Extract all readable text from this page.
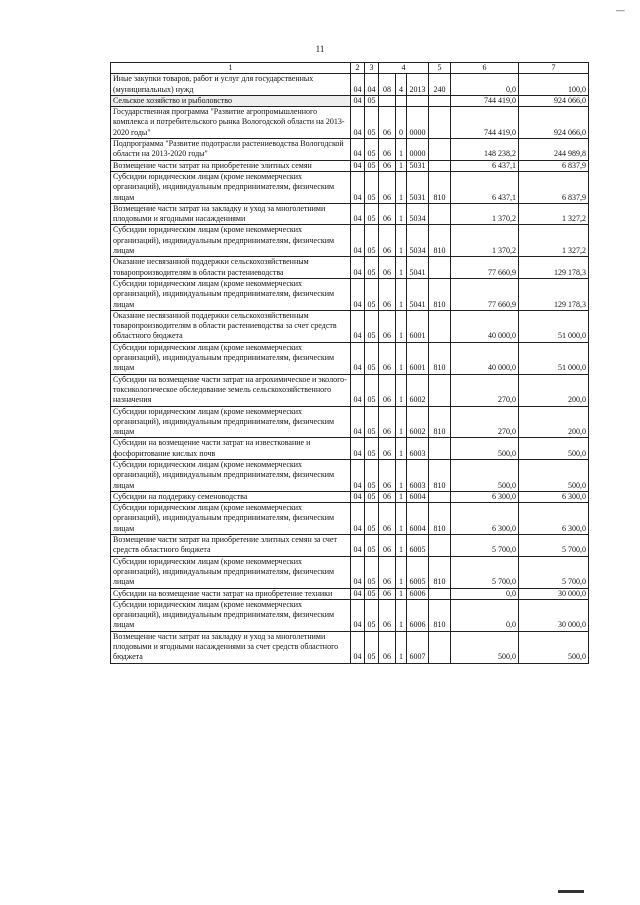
-----
11
1	2	3	4			5	6	7
Иные закупки товаров, работ и услуг для государственных (муниципальных) нужд	04	04	08	4	2013	240	0,0	100,0
Сельское хозяйство и рыболовство	04	05					744 419,0	924 066,0
Государственная программа "Развитие агропромышленного комплекса и потребительского рынка Вологодской области на 2013-2020 годы"	04	05	06	0	0000		744 419,0	924 066,0
Подпрограмма "Развитие подотрасли растениеводства Вологодской области на 2013-2020 годы"	04	05	06	1	0000		148 238,2	244 989,8
Возмещение части затрат на приобретение элитных семян	04	05	06	1	5031		6 437,1	6 837,9
Субсидии юридическим лицам (кроме некоммерческих организаций), индивидуальным предпринимателям, физическим лицам	04	05	06	1	5031	810	6 437,1	6 837,9
Возмещение части затрат на закладку и уход за многолетними плодовыми и ягодными насаждениями	04	05	06	1	5034		1 370,2	1 327,2
Субсидии юридическим лицам (кроме некоммерческих организаций), индивидуальным предпринимателям, физическим лицам	04	05	06	1	5034	810	1 370,2	1 327,2
Оказание несвязанной поддержки сельскохозяйственным товаропроизводителям в области растениеводства	04	05	06	1	5041		77 660,9	129 178,3
Субсидии юридическим лицам (кроме некоммерческих организаций), индивидуальным предпринимателям, физическим лицам	04	05	06	1	5041	810	77 660,9	129 178,3
Оказание несвязанной поддержки сельскохозяйственным товаропроизводителям в области растениеводства за счет средств областного бюджета	04	05	06	1	6001		40 000,0	51 000,0
Субсидии юридическим лицам (кроме некоммерческих организаций), индивидуальным предпринимателям, физическим лицам	04	05	06	1	6001	810	40 000,0	51 000,0
Субсидии на возмещение части затрат на агрохимическое и эколого-токсикологическое обследование земель сельскохозяйственного назначения	04	05	06	1	6002		270,0	200,0
Субсидии юридическим лицам (кроме некоммерческих организаций), индивидуальным предпринимателям, физическим лицам	04	05	06	1	6002	810	270,0	200,0
Субсидии на возмещение части затрат на известкование и фосфоритование кислых почв	04	05	06	1	6003		500,0	500,0
Субсидии юридическим лицам (кроме некоммерческих организаций), индивидуальным предпринимателям, физическим лицам	04	05	06	1	6003	810	500,0	500,0
Субсидии на поддержку семеноводства	04	05	06	1	6004		6 300,0	6 300,0
Субсидии юридическим лицам (кроме некоммерческих организаций), индивидуальным предпринимателям, физическим лицам	04	05	06	1	6004	810	6 300,0	6 300,0
Возмещение части затрат на приобретение элитных семян за счет средств областного бюджета	04	05	06	1	6005		5 700,0	5 700,0
Субсидии юридическим лицам (кроме некоммерческих организаций), индивидуальным предпринимателям, физическим лицам	04	05	06	1	6005	810	5 700,0	5 700,0
Субсидии на возмещение части затрат на приобретение техники	04	05	06	1	6006		0,0	30 000,0
Субсидии юридическим лицам (кроме некоммерческих организаций), индивидуальным предпринимателям, физическим лицам	04	05	06	1	6006	810	0,0	30 000,0
Возмещение части затрат на закладку и уход за многолетними плодовыми и ягодными насаждениями за счет средств областного бюджета	04	05	06	1	6007		500,0	500,0
